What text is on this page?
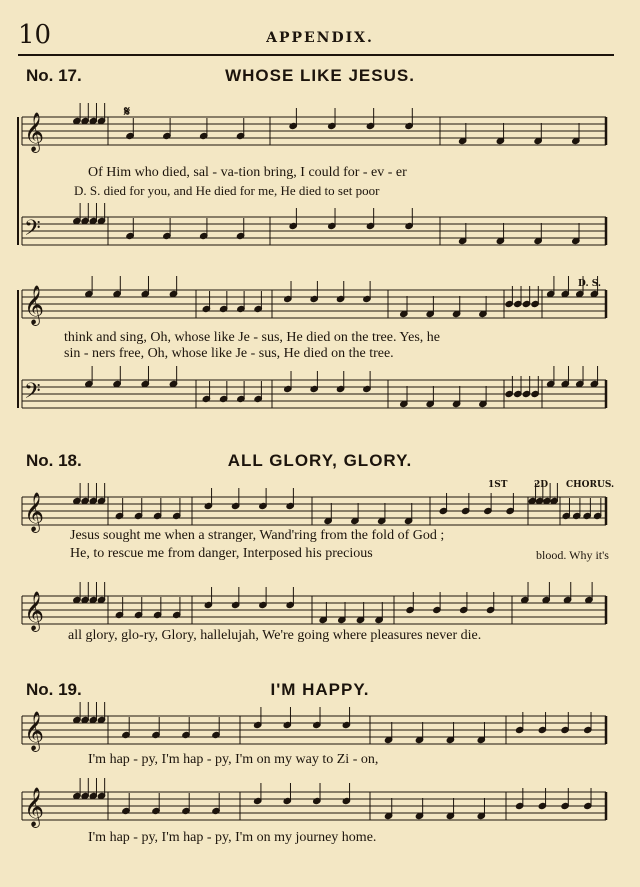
10	APPENDIX.
No. 17.	WHOSE LIKE JESUS.
𝄞
𝄢
𝄞
𝄢
𝄞
𝄞
𝄞
𝄞
Of Him who died, sal - va-tion bring, I could for - ev - er
D. S. died for you, and He died for me, He died to set poor
think and sing, Oh, whose like Je - sus, He died on the tree. Yes, he
sin - ners free, Oh, whose like Je - sus, He died on the tree.
𝄋
D. S.
No. 18.	ALL GLORY, GLORY.
1ST	2D CHORUS.
Jesus sought me when a stranger, Wand'ring from the fold of God ;
He, to rescue me from danger, Interposed his precious	blood. Why it's
all glory, glo-ry, Glory, hallelujah, We're going where pleasures never die.
No. 19.	I'M HAPPY.
I'm hap - py, I'm hap - py, I'm on my way to Zi - on,
I'm hap - py, I'm hap - py, I'm on my journey home.
